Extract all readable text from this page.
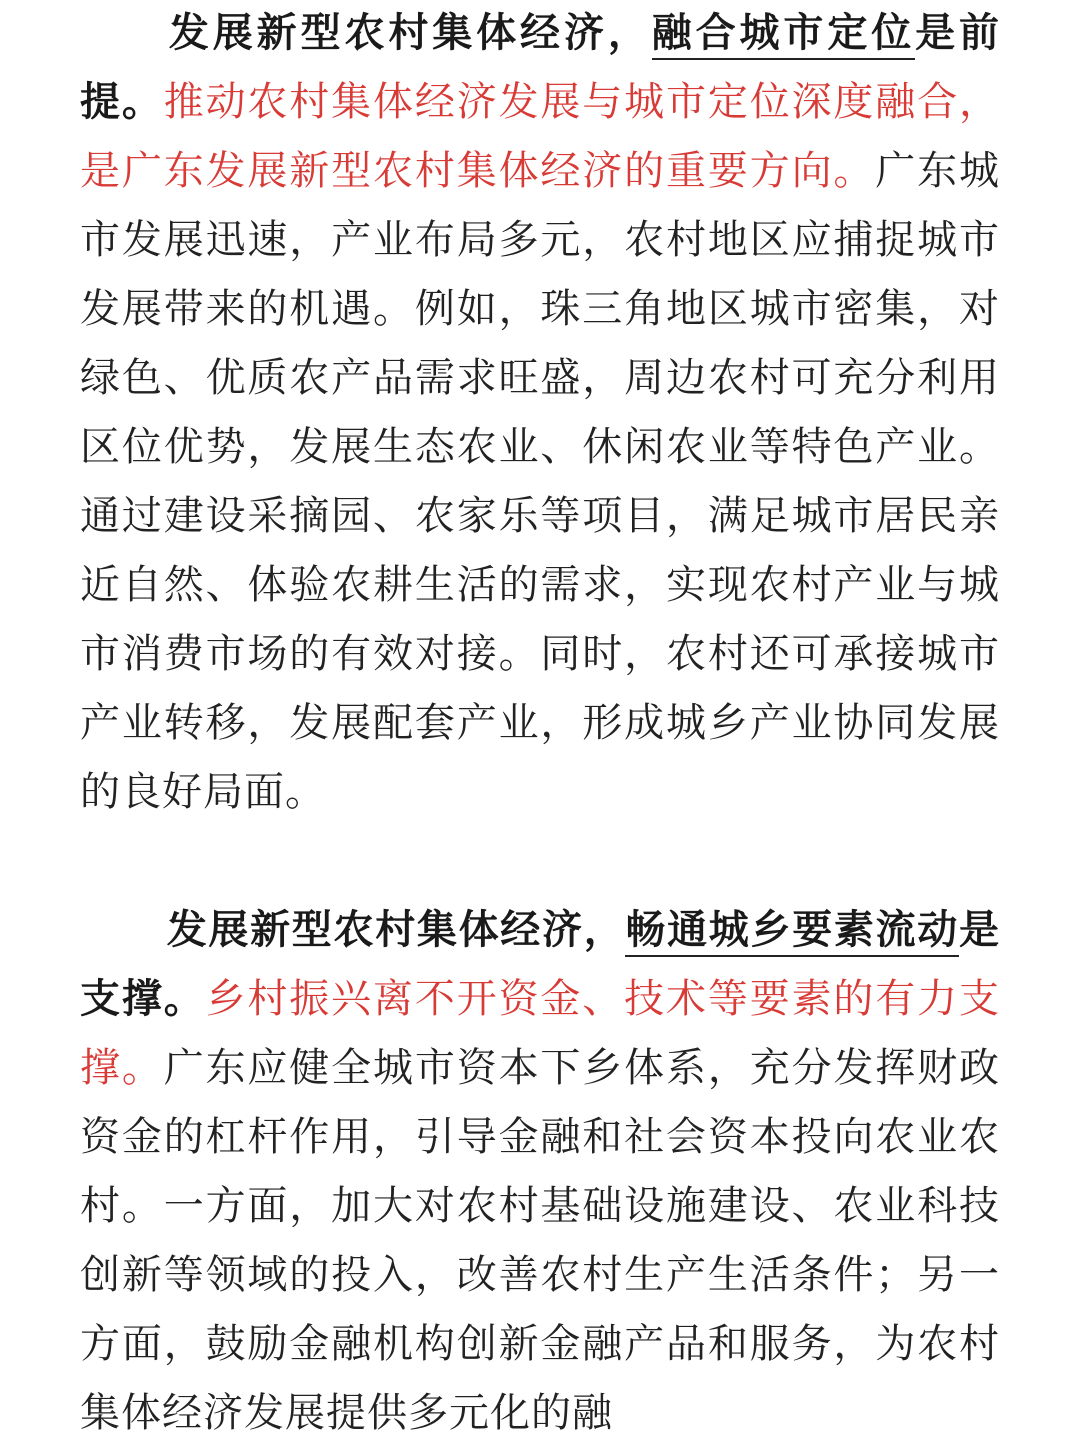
发展新型农村集体经济，融合城市定位是前提。推动农村集体经济发展与城市定位深度融合，是广东发展新型农村集体经济的重要方向。广东城市发展迅速，产业布局多元，农村地区应捕捉城市发展带来的机遇。例如，珠三角地区城市密集，对绿色、优质农产品需求旺盛，周边农村可充分利用区位优势，发展生态农业、休闲农业等特色产业。通过建设采摘园、农家乐等项目，满足城市居民亲近自然、体验农耕生活的需求，实现农村产业与城市消费市场的有效对接。同时，农村还可承接城市产业转移，发展配套产业，形成城乡产业协同发展的良好局面。

发展新型农村集体经济，畅通城乡要素流动是支撑。乡村振兴离不开资金、技术等要素的有力支撑。广东应健全城市资本下乡体系，充分发挥财政资金的杠杆作用，引导金融和社会资本投向农业农村。一方面，加大对农村基础设施建设、农业科技创新等领域的投入，改善农村生产生活条件；另一方面，鼓励金融机构创新金融产品和服务，为农村集体经济发展提供多元化的融
